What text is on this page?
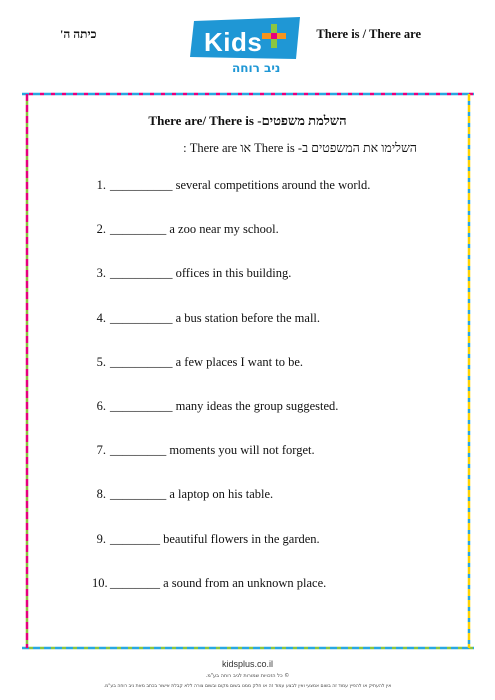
כיתה ה'	Kids
ניב רוחה
There is / There are
השלמת משפטים- There are/ There is
השלימו את המשפטים ב- There is או There are :
1. __________ several competitions around the world.
2. _________ a zoo near my school.
3. __________ offices in this building.
4. __________ a bus station before the mall.
5. __________ a few places I want to be.
6. __________ many ideas the group suggested.
7. _________ moments you will not forget.
8. _________ a laptop on his table.
9. ________ beautiful flowers in the garden.
10. ________ a sound from an unknown place.
kidsplus.co.il
© כל הזכויות שמורות לניב רוחה בע"מ.
אין להעתיק או להפיץ עמוד זה בשום אמצעי ואין לבצע עמוד זה או חלק ממנו בשום מקום ובשום צורה ללא קבלת אישור בכתב מאת ניב רוחה בע"מ.
